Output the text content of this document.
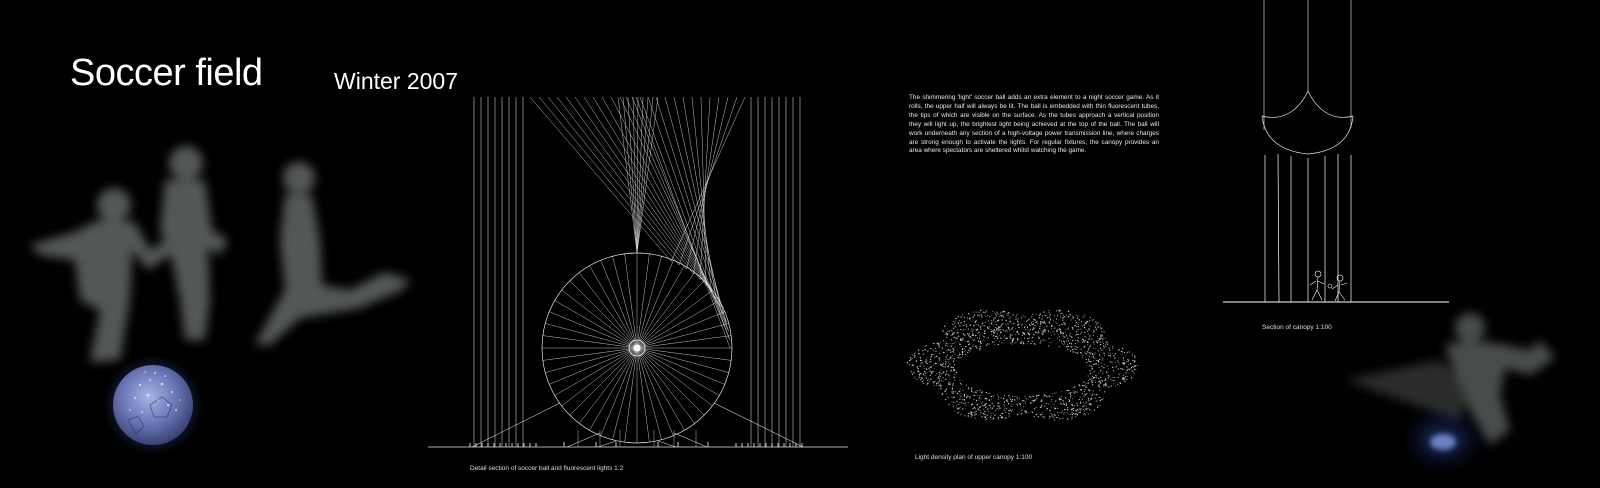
Soccer field	Winter 2007
The shimmering 'light' soccer ball adds an extra element to a night soccer game. As it rolls, the upper half will always be lit. The ball is embedded with thin fluorescent tubes, the tips of which are visible on the surface. As the tubes approach a vertical position they will light up, the brightest light being achieved at the top of the ball. The ball will work underneath any section of a high-voltage power transmission line, where charges are strong enough to activate the lights. For regular fixtures, the canopy provides an area where spectators are sheltered whilst watching the game.
Detail section of soccer ball and fluorescent lights 1:2
Light density plan of upper canopy 1:100
Section of canopy 1:100
